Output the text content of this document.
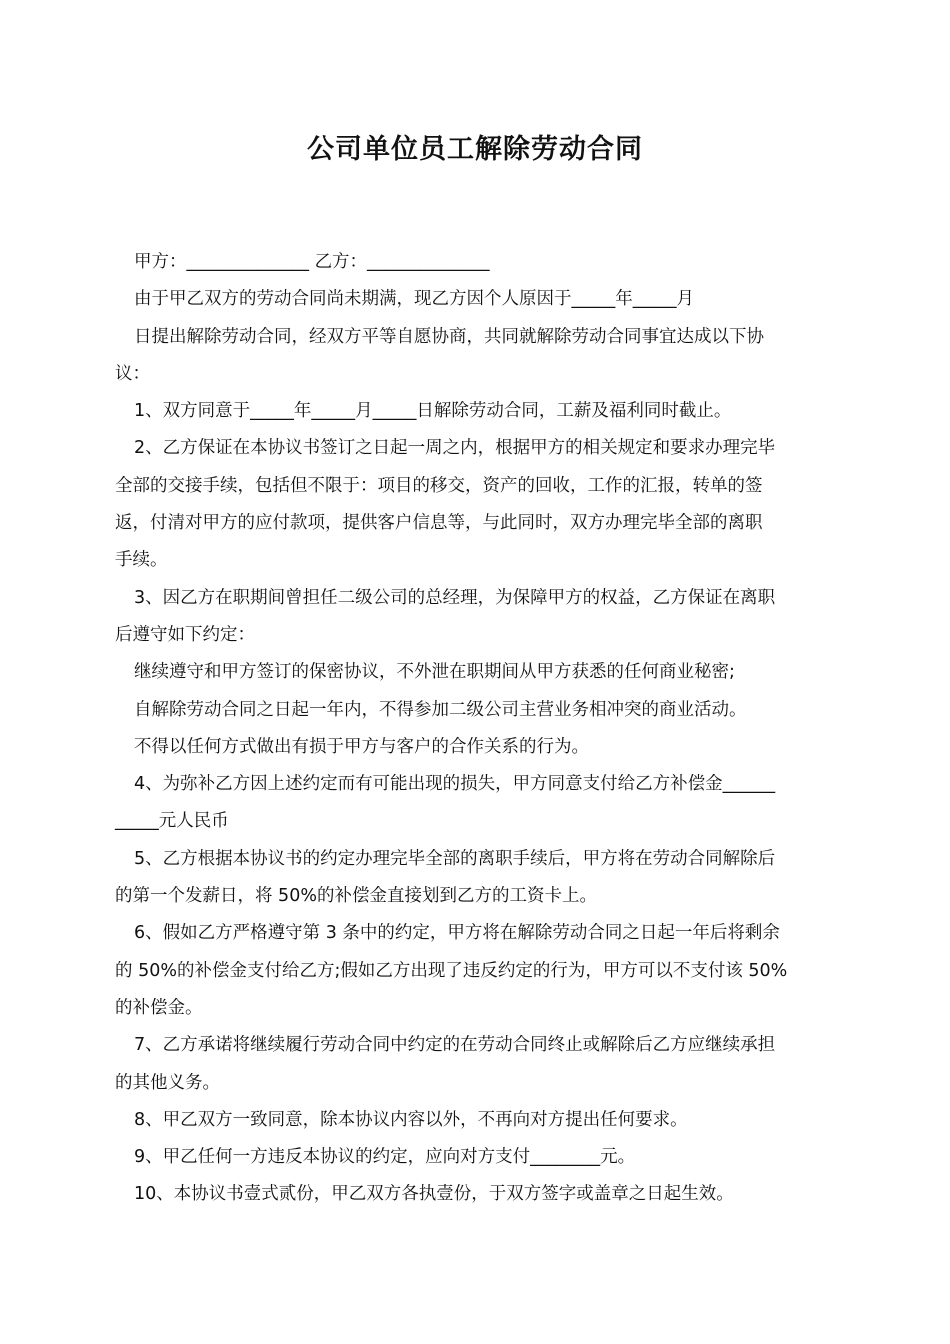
公司单位员工解除劳动合同
甲方：______________ 乙方：______________
由于甲乙双方的劳动合同尚未期满，现乙方因个人原因于_____年_____月
日提出解除劳动合同，经双方平等自愿协商，共同就解除劳动合同事宜达成以下协
议：
1、双方同意于_____年_____月_____日解除劳动合同，工薪及福利同时截止。
2、乙方保证在本协议书签订之日起一周之内，根据甲方的相关规定和要求办理完毕
全部的交接手续，包括但不限于：项目的移交，资产的回收，工作的汇报，转单的签
返，付清对甲方的应付款项，提供客户信息等，与此同时，双方办理完毕全部的离职
手续。
3、因乙方在职期间曾担任二级公司的总经理，为保障甲方的权益，乙方保证在离职
后遵守如下约定：
继续遵守和甲方签订的保密协议，不外泄在职期间从甲方获悉的任何商业秘密;
自解除劳动合同之日起一年内，不得参加二级公司主营业务相冲突的商业活动。
不得以任何方式做出有损于甲方与客户的合作关系的行为。
4、为弥补乙方因上述约定而有可能出现的损失，甲方同意支付给乙方补偿金______
_____元人民币
5、乙方根据本协议书的约定办理完毕全部的离职手续后，甲方将在劳动合同解除后
的第一个发薪日，将 50%的补偿金直接划到乙方的工资卡上。
6、假如乙方严格遵守第 3 条中的约定，甲方将在解除劳动合同之日起一年后将剩余
的 50%的补偿金支付给乙方;假如乙方出现了违反约定的行为，甲方可以不支付该 50%
的补偿金。
7、乙方承诺将继续履行劳动合同中约定的在劳动合同终止或解除后乙方应继续承担
的其他义务。
8、甲乙双方一致同意，除本协议内容以外，不再向对方提出任何要求。
9、甲乙任何一方违反本协议的约定，应向对方支付________元。
10、本协议书壹式贰份，甲乙双方各执壹份，于双方签字或盖章之日起生效。
